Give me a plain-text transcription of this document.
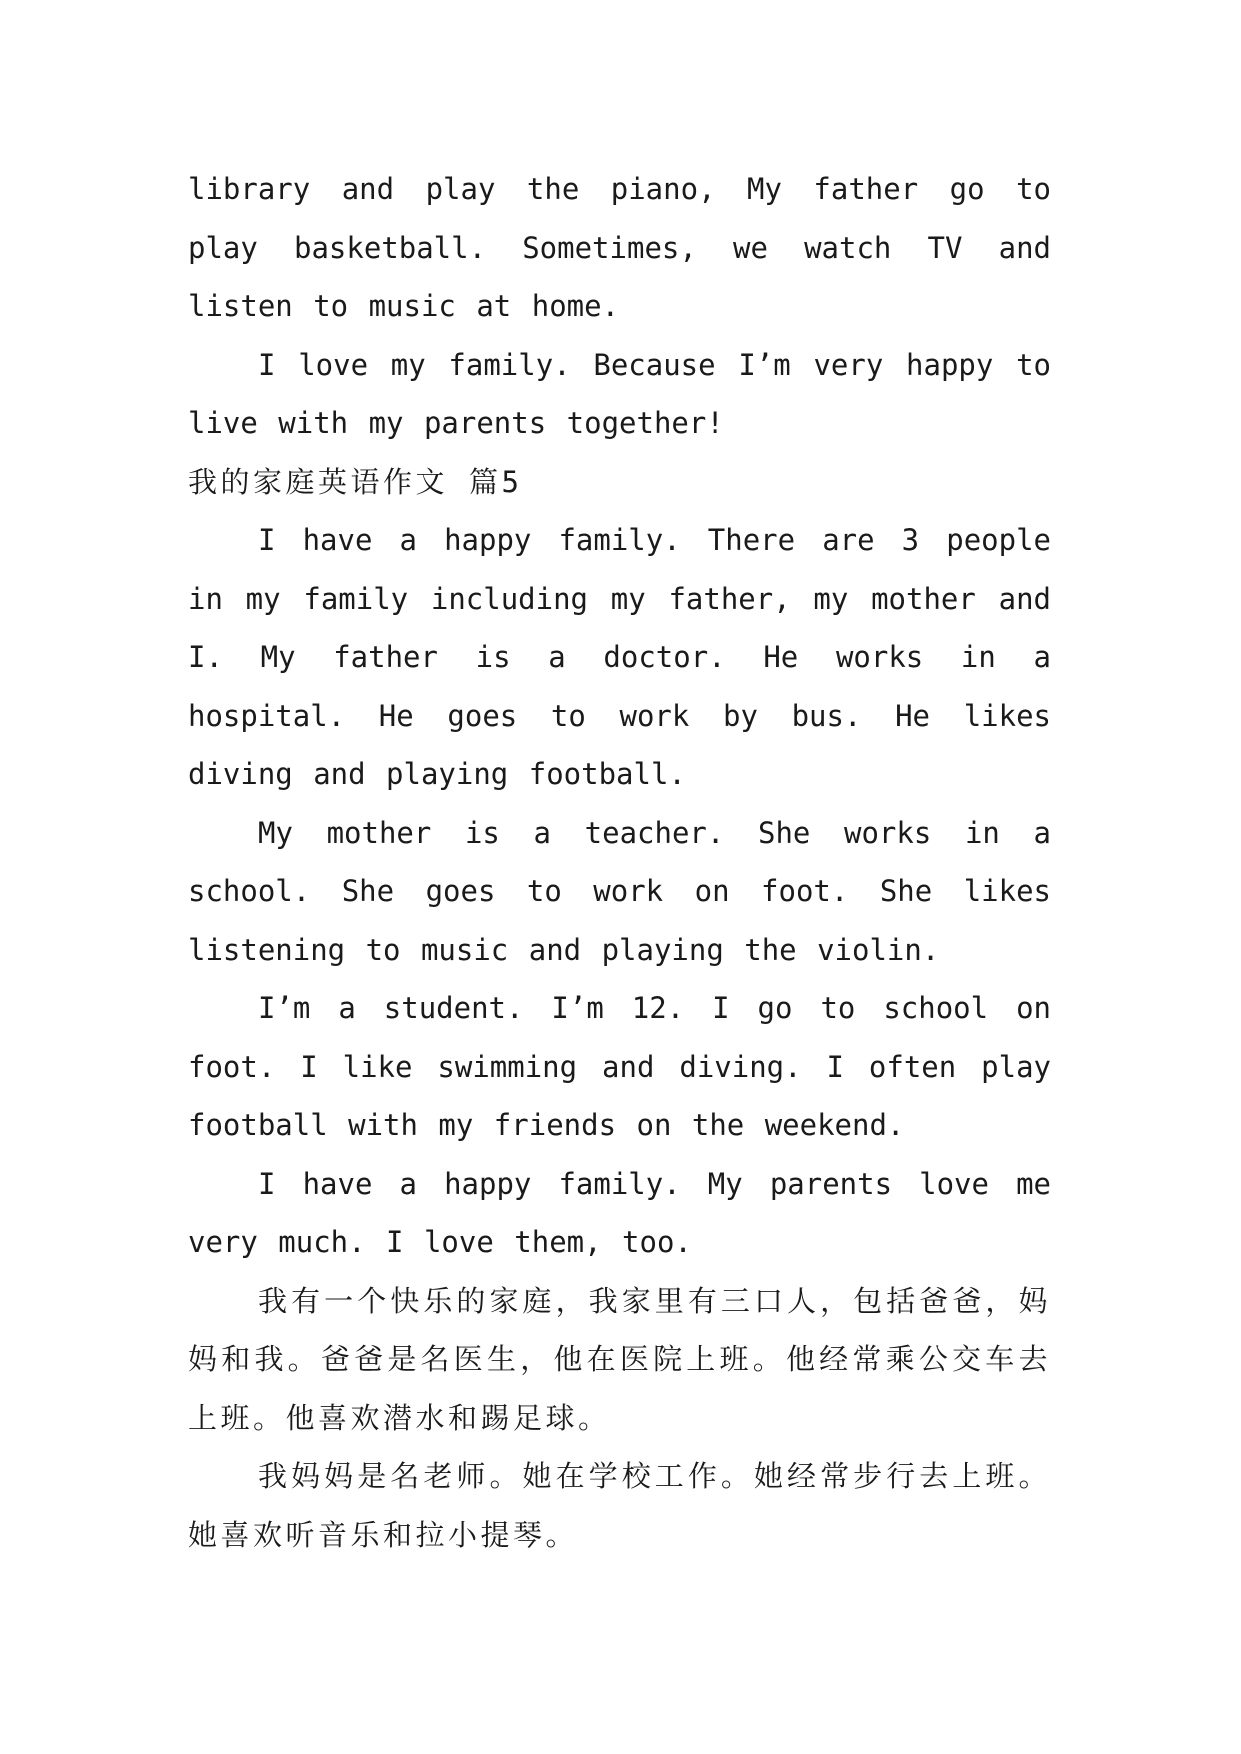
library and play the piano, My father go to play basketball. Sometimes, we watch TV and listen to music at home.

I love my family. Because I’m very happy to live with my parents together!

我的家庭英语作文 篇5

I have a happy family. There are 3 people in my family including my father, my mother and I. My father is a doctor. He works in a hospital. He goes to work by bus. He likes diving and playing football.

My mother is a teacher. She works in a school. She goes to work on foot. She likes listening to music and playing the violin.

I’m a student. I’m 12. I go to school on foot. I like swimming and diving. I often play football with my friends on the weekend.

I have a happy family. My parents love me very much. I love them, too.

我有一个快乐的家庭，我家里有三口人，包括爸爸，妈妈和我。爸爸是名医生，他在医院上班。他经常乘公交车去上班。他喜欢潜水和踢足球。

我妈妈是名老师。她在学校工作。她经常步行去上班。她喜欢听音乐和拉小提琴。
